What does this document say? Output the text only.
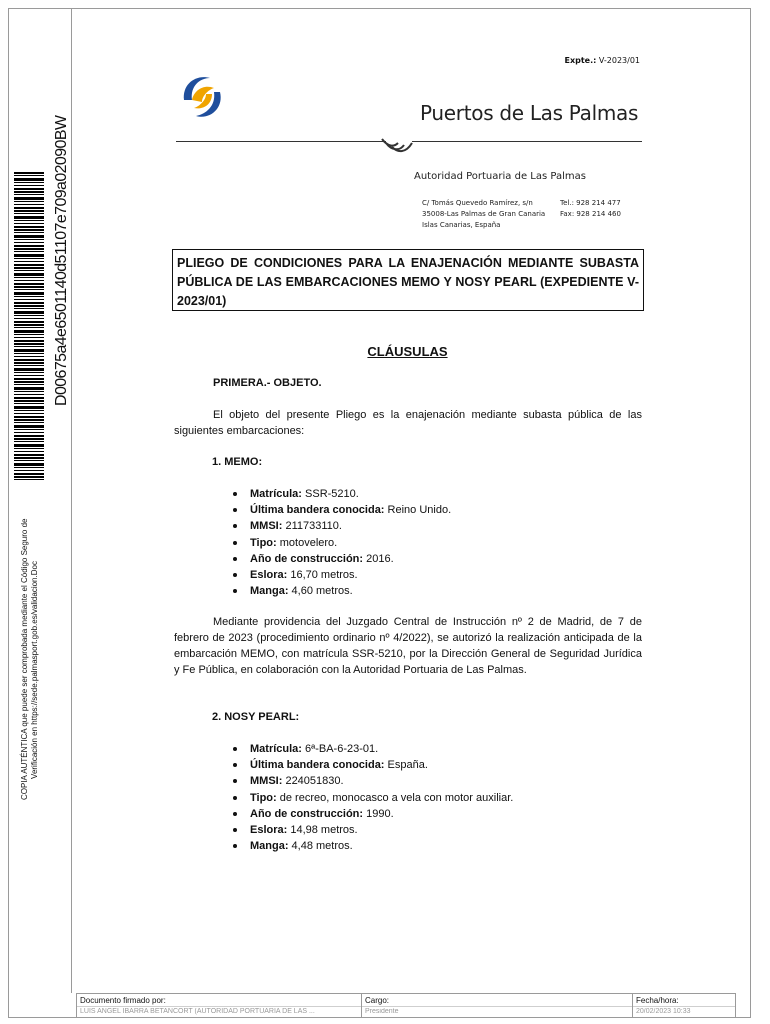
D00675a4e6501140d51107e709a02090BW
COPIA AUTÉNTICA que puede ser comprobada mediante el Código Seguro de Verificación en https://sede.palmasport.gob.es/validacion.Doc
Expte.: V-2023/01
Puertos de Las Palmas
Autoridad Portuaria de Las Palmas
C/ Tomás Quevedo Ramírez, s/n	Tel.: 928 214 477
35008-Las Palmas de Gran Canaria	Fax: 928 214 460
Islas Canarias, España
PLIEGO DE CONDICIONES PARA LA ENAJENACIÓN MEDIANTE SUBASTA PÚBLICA DE LAS EMBARCACIONES MEMO Y NOSY PEARL (EXPEDIENTE V-2023/01)
CLÁUSULAS
PRIMERA.- OBJETO.
El objeto del presente Pliego es la enajenación mediante subasta pública de las siguientes embarcaciones:
1. MEMO:
Matrícula: SSR-5210.
Última bandera conocida: Reino Unido.
MMSI: 211733110.
Tipo: motovelero.
Año de construcción: 2016.
Eslora: 16,70 metros.
Manga: 4,60 metros.
Mediante providencia del Juzgado Central de Instrucción nº 2 de Madrid, de 7 de febrero de 2023 (procedimiento ordinario nº 4/2022), se autorizó la realización anticipada de la embarcación MEMO, con matrícula SSR-5210, por la Dirección General de Seguridad Jurídica y Fe Pública, en colaboración con la Autoridad Portuaria de Las Palmas.
2. NOSY PEARL:
Matrícula: 6ª-BA-6-23-01.
Última bandera conocida: España.
MMSI: 224051830.
Tipo: de recreo, monocasco a vela con motor auxiliar.
Año de construcción: 1990.
Eslora: 14,98 metros.
Manga: 4,48 metros.
Documento firmado por:
LUIS ANGEL IBARRA BETANCORT (AUTORIDAD PORTUARIA DE LAS ...
Cargo:
Presidente
Fecha/hora:
20/02/2023 10:33
